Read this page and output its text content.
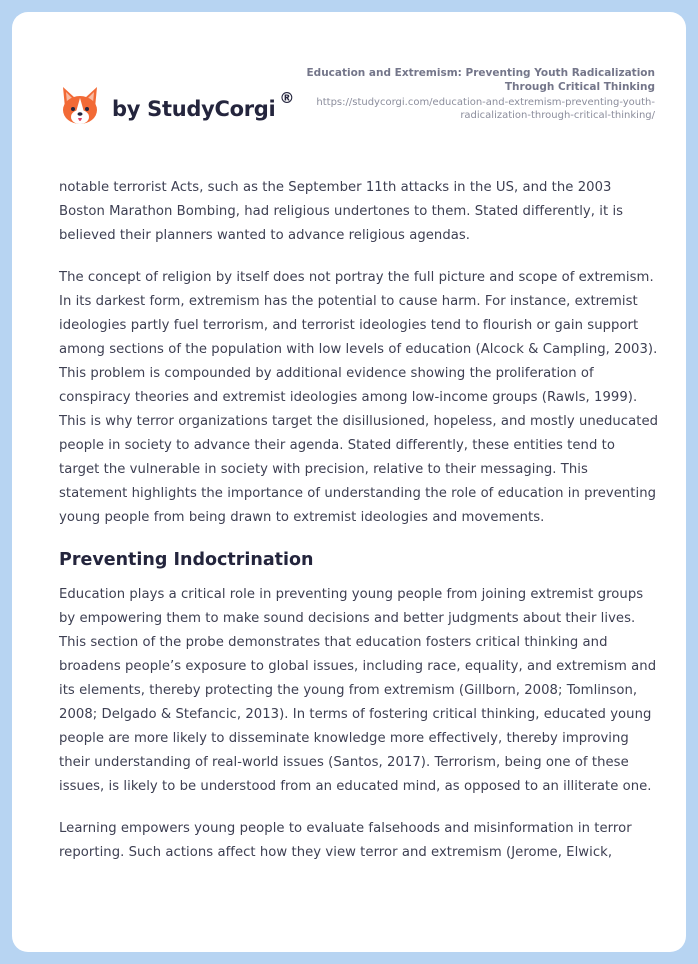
by StudyCorgi ®
Education and Extremism: Preventing Youth Radicalization Through Critical Thinking
https://studycorgi.com/education-and-extremism-preventing-youth-radicalization-through-critical-thinking/

notable terrorist Acts, such as the September 11th attacks in the US, and the 2003 Boston Marathon Bombing, had religious undertones to them. Stated differently, it is believed their planners wanted to advance religious agendas.

The concept of religion by itself does not portray the full picture and scope of extremism. In its darkest form, extremism has the potential to cause harm. For instance, extremist ideologies partly fuel terrorism, and terrorist ideologies tend to flourish or gain support among sections of the population with low levels of education (Alcock & Campling, 2003). This problem is compounded by additional evidence showing the proliferation of conspiracy theories and extremist ideologies among low-income groups (Rawls, 1999). This is why terror organizations target the disillusioned, hopeless, and mostly uneducated people in society to advance their agenda. Stated differently, these entities tend to target the vulnerable in society with precision, relative to their messaging. This statement highlights the importance of understanding the role of education in preventing young people from being drawn to extremist ideologies and movements.

Preventing Indoctrination

Education plays a critical role in preventing young people from joining extremist groups by empowering them to make sound decisions and better judgments about their lives. This section of the probe demonstrates that education fosters critical thinking and broadens people’s exposure to global issues, including race, equality, and extremism and its elements, thereby protecting the young from extremism (Gillborn, 2008; Tomlinson, 2008; Delgado & Stefancic, 2013). In terms of fostering critical thinking, educated young people are more likely to disseminate knowledge more effectively, thereby improving their understanding of real-world issues (Santos, 2017). Terrorism, being one of these issues, is likely to be understood from an educated mind, as opposed to an illiterate one.

Learning empowers young people to evaluate falsehoods and misinformation in terror reporting. Such actions affect how they view terror and extremism (Jerome, Elwick,
